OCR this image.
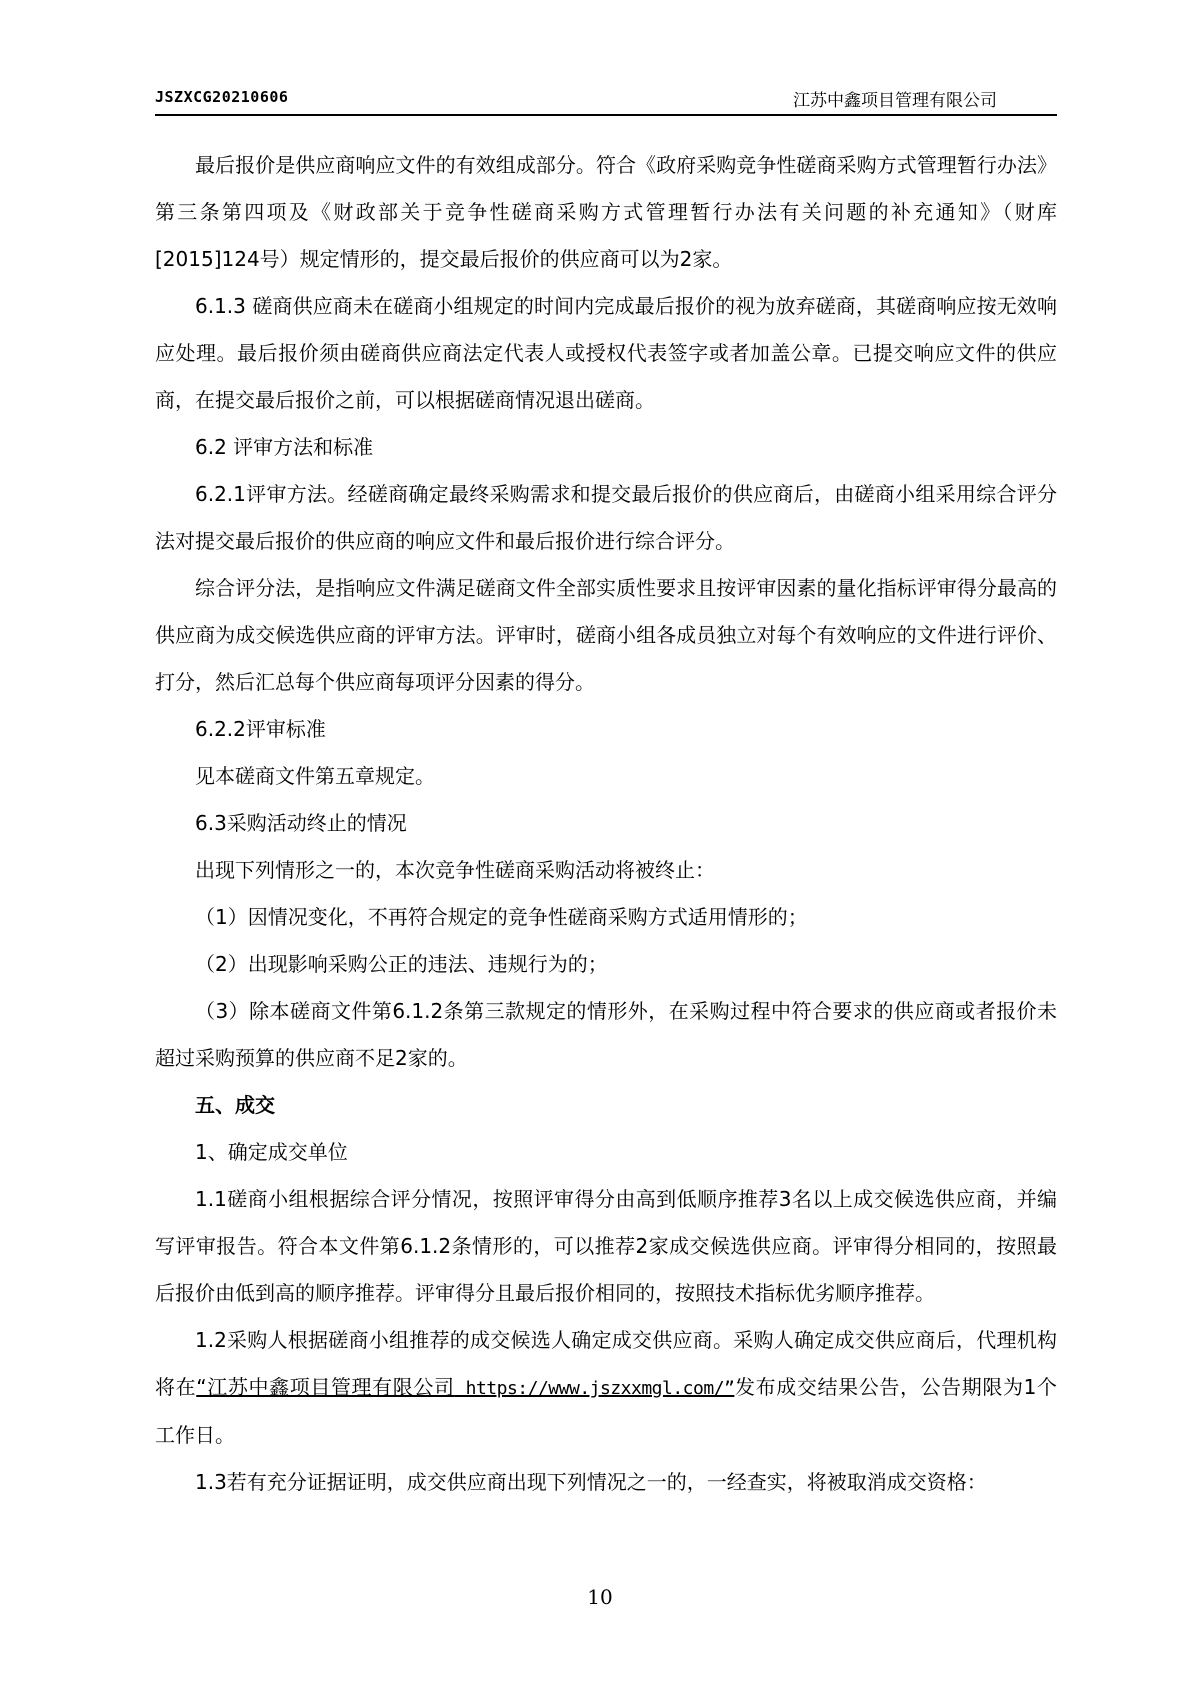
JSZXCG20210606	江苏中鑫项目管理有限公司

最后报价是供应商响应文件的有效组成部分。符合《政府采购竞争性磋商采购方式管理暂行办法》第三条第四项及《财政部关于竞争性磋商采购方式管理暂行办法有关问题的补充通知》（财库[2015]124号）规定情形的，提交最后报价的供应商可以为2家。

6.1.3 磋商供应商未在磋商小组规定的时间内完成最后报价的视为放弃磋商，其磋商响应按无效响应处理。最后报价须由磋商供应商法定代表人或授权代表签字或者加盖公章。已提交响应文件的供应商，在提交最后报价之前，可以根据磋商情况退出磋商。

6.2 评审方法和标准

6.2.1评审方法。经磋商确定最终采购需求和提交最后报价的供应商后，由磋商小组采用综合评分法对提交最后报价的供应商的响应文件和最后报价进行综合评分。

综合评分法，是指响应文件满足磋商文件全部实质性要求且按评审因素的量化指标评审得分最高的供应商为成交候选供应商的评审方法。评审时，磋商小组各成员独立对每个有效响应的文件进行评价、打分，然后汇总每个供应商每项评分因素的得分。

6.2.2评审标准

见本磋商文件第五章规定。

6.3采购活动终止的情况

出现下列情形之一的，本次竞争性磋商采购活动将被终止：

（1）因情况变化，不再符合规定的竞争性磋商采购方式适用情形的；

（2）出现影响采购公正的违法、违规行为的；

（3）除本磋商文件第6.1.2条第三款规定的情形外，在采购过程中符合要求的供应商或者报价未超过采购预算的供应商不足2家的。

五、成交

1、确定成交单位

1.1磋商小组根据综合评分情况，按照评审得分由高到低顺序推荐3名以上成交候选供应商，并编写评审报告。符合本文件第6.1.2条情形的，可以推荐2家成交候选供应商。评审得分相同的，按照最后报价由低到高的顺序推荐。评审得分且最后报价相同的，按照技术指标优劣顺序推荐。

1.2采购人根据磋商小组推荐的成交候选人确定成交供应商。采购人确定成交供应商后，代理机构将在“江苏中鑫项目管理有限公司 https://www.jszxxmgl.com/”发布成交结果公告，公告期限为1个工作日。

1.3若有充分证据证明，成交供应商出现下列情况之一的，一经查实，将被取消成交资格：

10
